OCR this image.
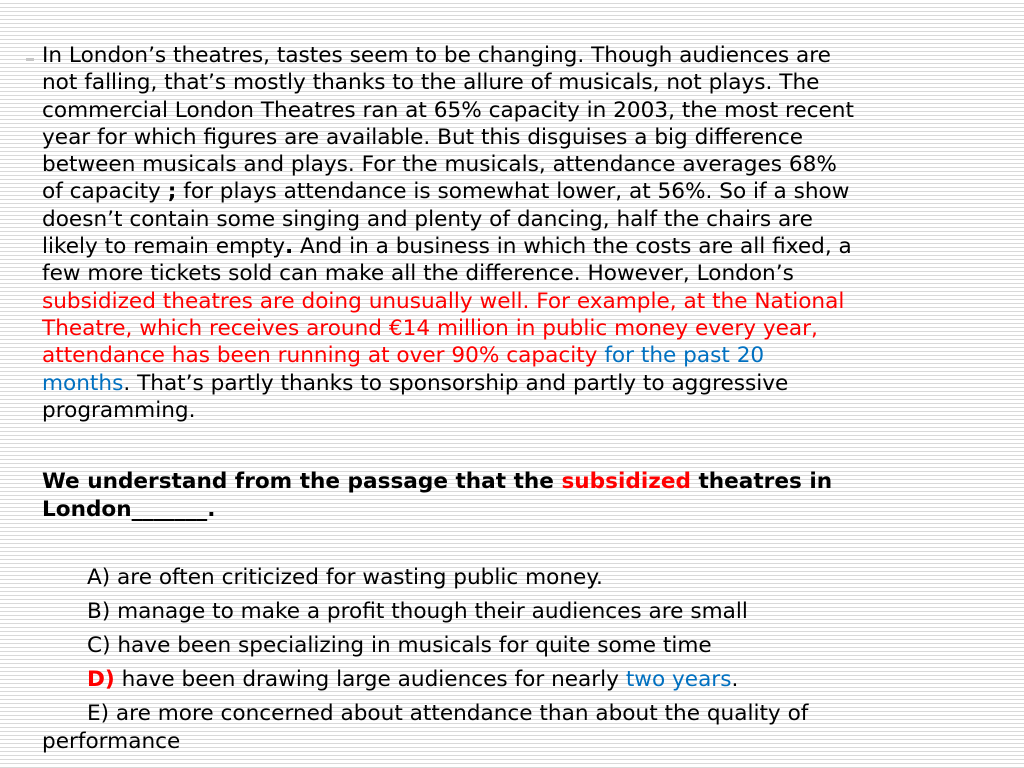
In London’s theatres, tastes seem to be changing. Though audiences are
not falling, that’s mostly thanks to the allure of musicals, not plays. The
commercial London Theatres ran at 65% capacity in 2003, the most recent
year for which figures are available. But this disguises a big difference
between musicals and plays. For the musicals, attendance averages 68%
of capacity ; for plays attendance is somewhat lower, at 56%. So if a show
doesn’t contain some singing and plenty of dancing, half the chairs are
likely to remain empty. And in a business in which the costs are all fixed, a
few more tickets sold can make all the difference. However, London’s
subsidized theatres are doing unusually well. For example, at the National
Theatre, which receives around €14 million in public money every year,
attendance has been running at over 90% capacity for the past 20
months. That’s partly thanks to sponsorship and partly to aggressive
programming.

We understand from the passage that the subsidized theatres in
London_______.

A) are often criticized for wasting public money.
B) manage to make a profit though their audiences are small
C) have been specializing in musicals for quite some time
D) have been drawing large audiences for nearly two years.
E) are more concerned about attendance than about the quality of
performance
